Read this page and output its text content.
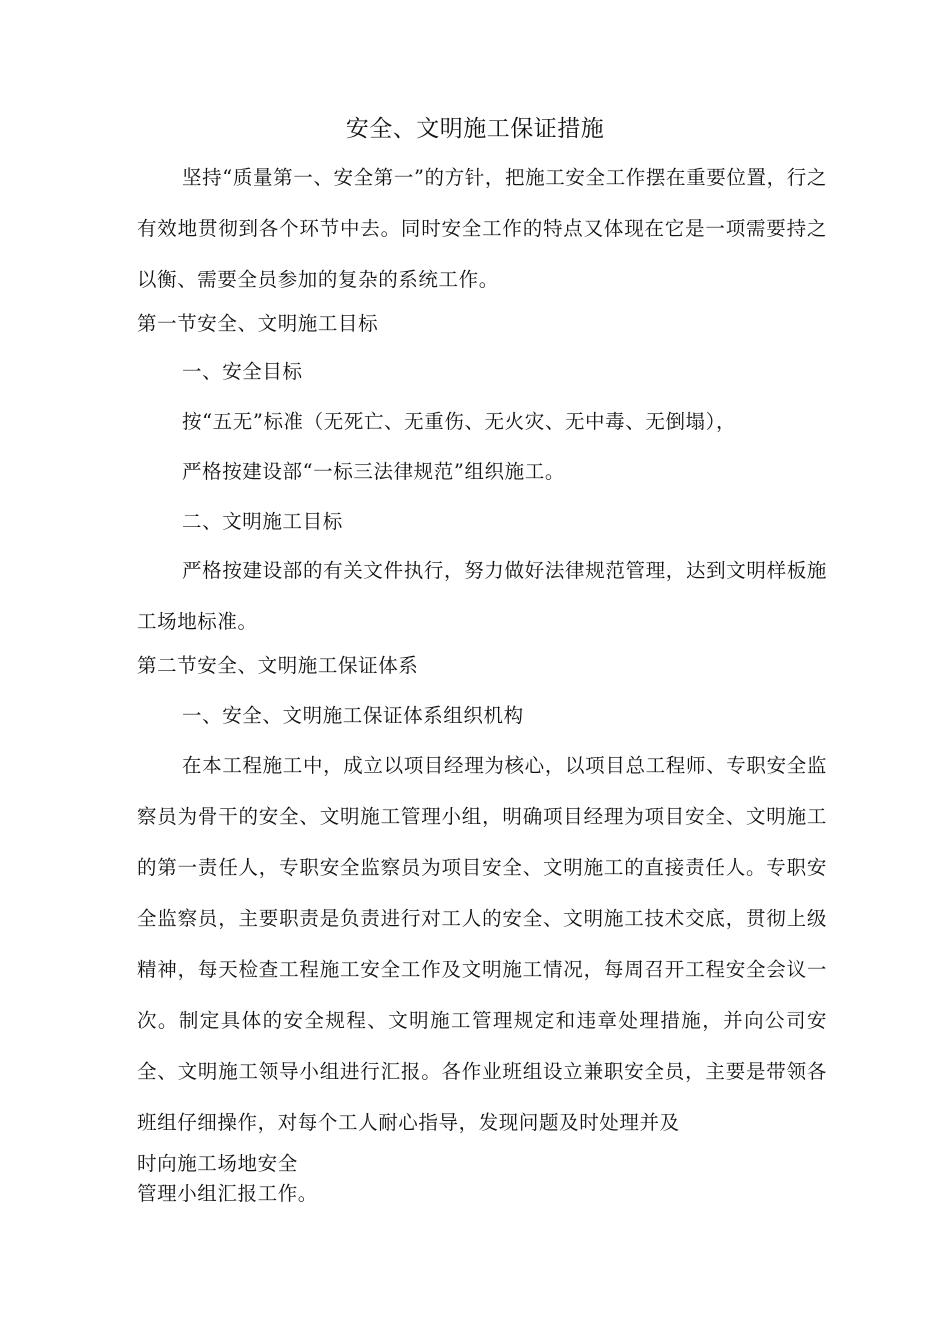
安全、文明施工保证措施
坚持“质量第一、安全第一”的方针，把施工安全工作摆在重要位置，行之有效地贯彻到各个环节中去。同时安全工作的特点又体现在它是一项需要持之以衡、需要全员参加的复杂的系统工作。
第一节安全、文明施工目标
一、安全目标
按“五无”标准（无死亡、无重伤、无火灾、无中毒、无倒塌），
严格按建设部“一标三法律规范”组织施工。
二、文明施工目标
严格按建设部的有关文件执行，努力做好法律规范管理，达到文明样板施工场地标准。
第二节安全、文明施工保证体系
一、安全、文明施工保证体系组织机构
在本工程施工中，成立以项目经理为核心，以项目总工程师、专职安全监察员为骨干的安全、文明施工管理小组，明确项目经理为项目安全、文明施工的第一责任人，专职安全监察员为项目安全、文明施工的直接责任人。专职安全监察员，主要职责是负责进行对工人的安全、文明施工技术交底，贯彻上级精神，每天检查工程施工安全工作及文明施工情况，每周召开工程安全会议一次。制定具体的安全规程、文明施工管理规定和违章处理措施，并向公司安全、文明施工领导小组进行汇报。各作业班组设立兼职安全员，主要是带领各班组仔细操作，对每个工人耐心指导，发现问题及时处理并及
时向施工场地安全
管理小组汇报工作。
